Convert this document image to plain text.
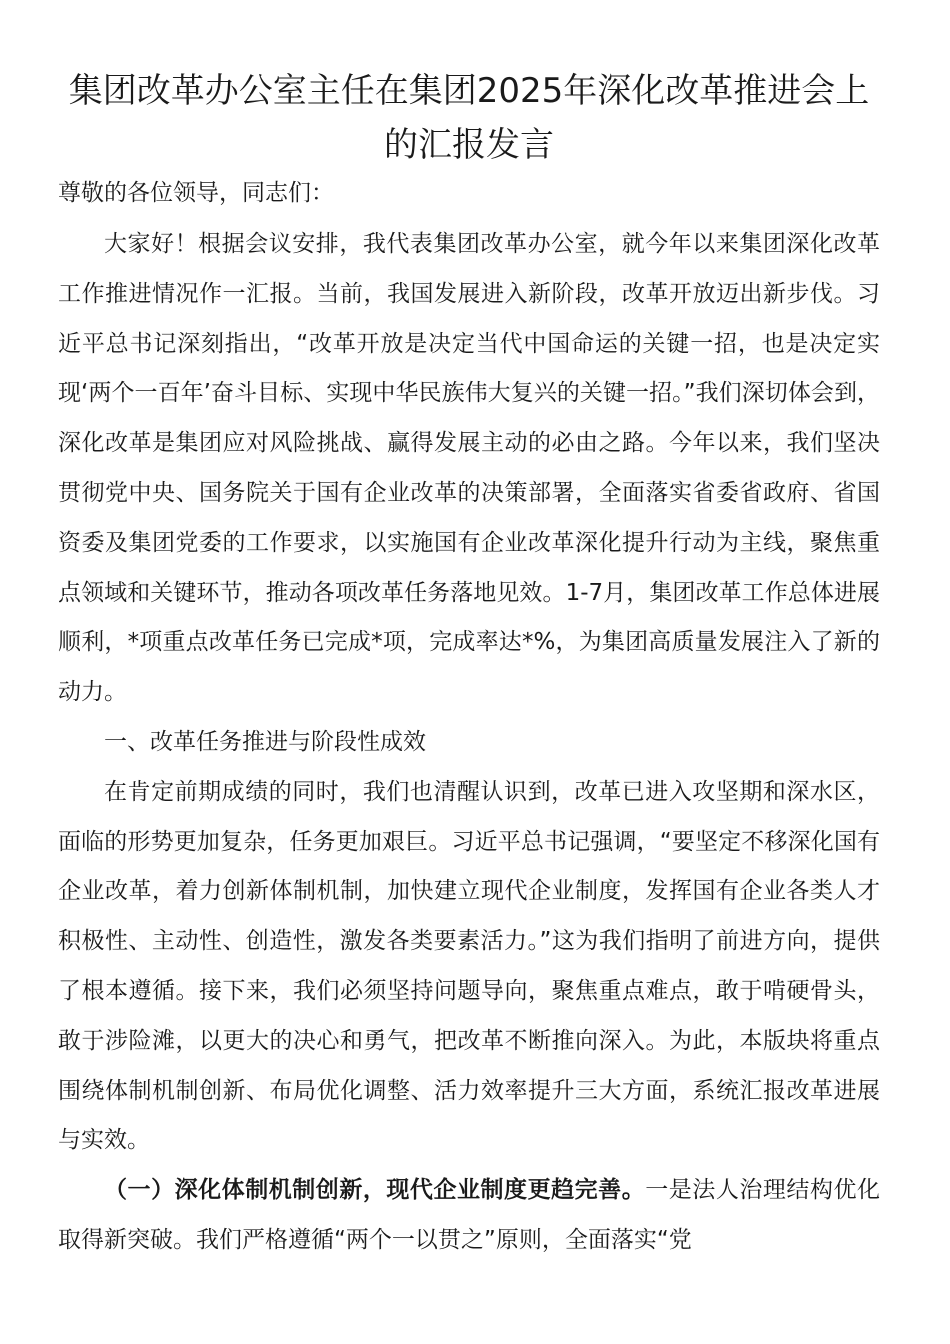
集团改革办公室主任在集团2025年深化改革推进会上的汇报发言

尊敬的各位领导，同志们：

大家好！根据会议安排，我代表集团改革办公室，就今年以来集团深化改革工作推进情况作一汇报。当前，我国发展进入新阶段，改革开放迈出新步伐。习近平总书记深刻指出，“改革开放是决定当代中国命运的关键一招，也是决定实现‘两个一百年’奋斗目标、实现中华民族伟大复兴的关键一招。”我们深切体会到，深化改革是集团应对风险挑战、赢得发展主动的必由之路。今年以来，我们坚决贯彻党中央、国务院关于国有企业改革的决策部署，全面落实省委省政府、省国资委及集团党委的工作要求，以实施国有企业改革深化提升行动为主线，聚焦重点领域和关键环节，推动各项改革任务落地见效。1-7月，集团改革工作总体进展顺利，*项重点改革任务已完成*项，完成率达*%，为集团高质量发展注入了新的动力。

一、改革任务推进与阶段性成效

在肯定前期成绩的同时，我们也清醒认识到，改革已进入攻坚期和深水区，面临的形势更加复杂，任务更加艰巨。习近平总书记强调，“要坚定不移深化国有企业改革，着力创新体制机制，加快建立现代企业制度，发挥国有企业各类人才积极性、主动性、创造性，激发各类要素活力。”这为我们指明了前进方向，提供了根本遵循。接下来，我们必须坚持问题导向，聚焦重点难点，敢于啃硬骨头，敢于涉险滩，以更大的决心和勇气，把改革不断推向深入。为此，本版块将重点围绕体制机制创新、布局优化调整、活力效率提升三大方面，系统汇报改革进展与实效。

（一）深化体制机制创新，现代企业制度更趋完善。一是法人治理结构优化取得新突破。我们严格遵循“两个一以贯之”原则，全面落实“党
